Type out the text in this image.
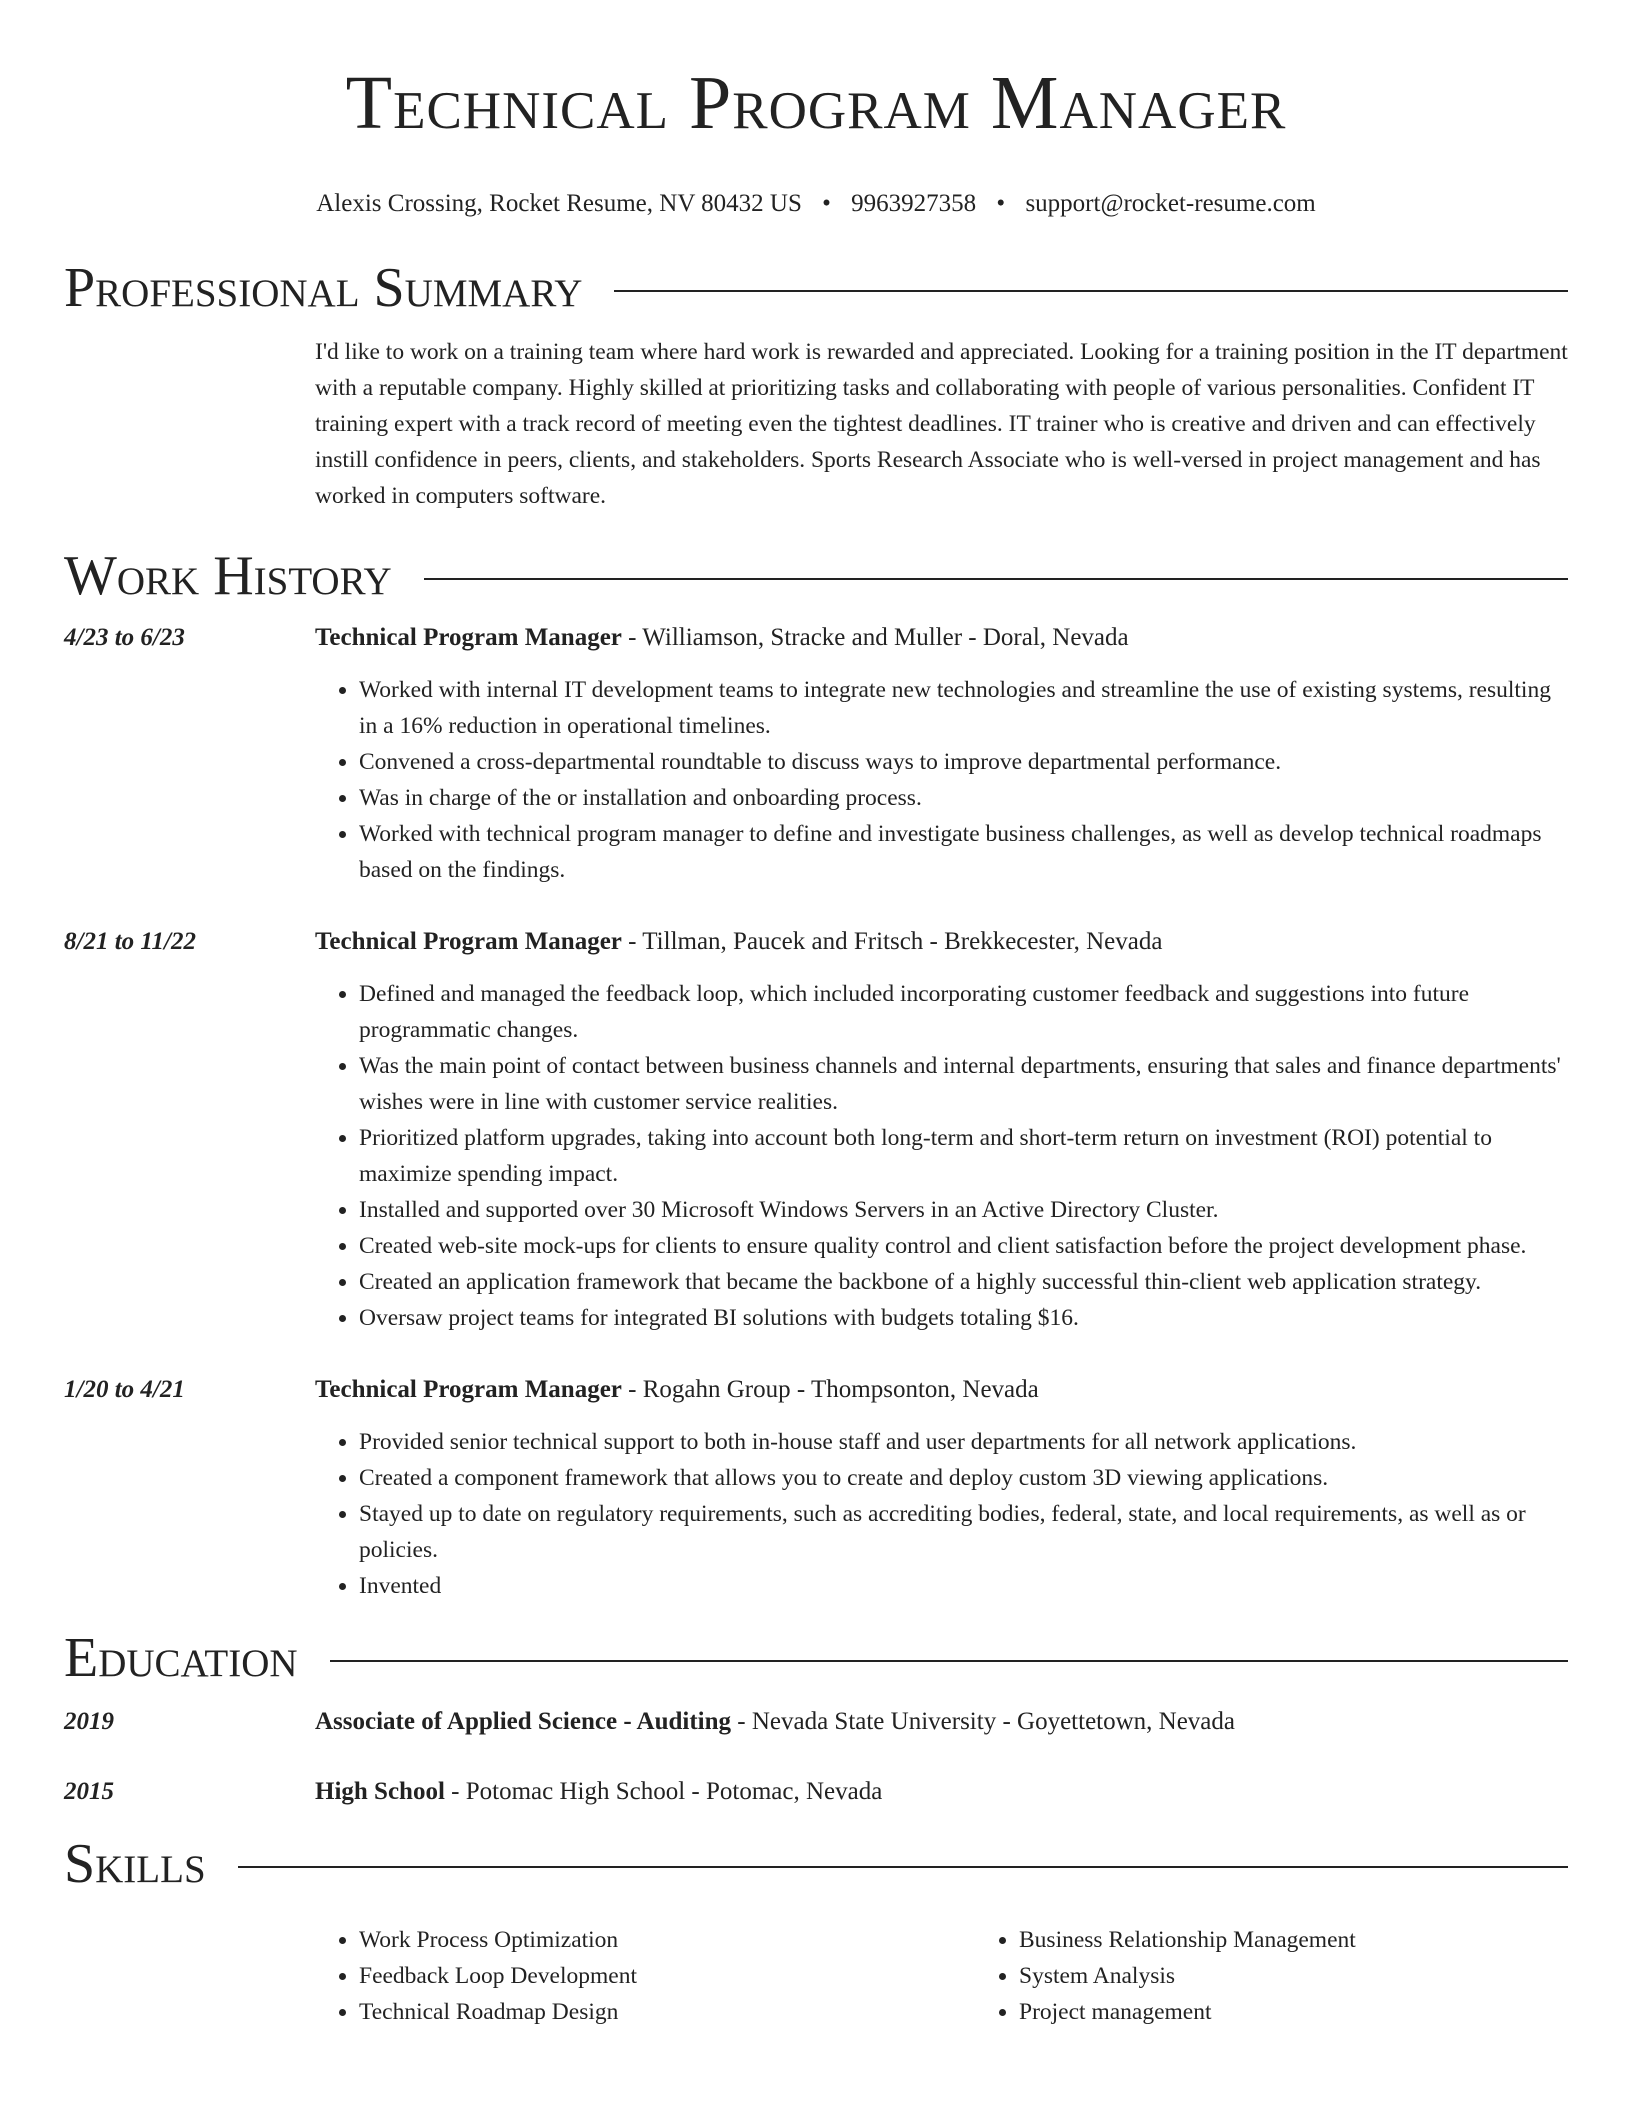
Technical Program Manager
Alexis Crossing, Rocket Resume, NV 80432 US • 9963927358 • support@rocket-resume.com
Professional Summary
I'd like to work on a training team where hard work is rewarded and appreciated. Looking for a training position in the IT department with a reputable company. Highly skilled at prioritizing tasks and collaborating with people of various personalities. Confident IT training expert with a track record of meeting even the tightest deadlines. IT trainer who is creative and driven and can effectively instill confidence in peers, clients, and stakeholders. Sports Research Associate who is well-versed in project management and has worked in computers software.
Work History
4/23 to 6/23	Technical Program Manager - Williamson, Stracke and Muller - Doral, Nevada
• Worked with internal IT development teams to integrate new technologies and streamline the use of existing systems, resulting in a 16% reduction in operational timelines.
• Convened a cross-departmental roundtable to discuss ways to improve departmental performance.
• Was in charge of the or installation and onboarding process.
• Worked with technical program manager to define and investigate business challenges, as well as develop technical roadmaps based on the findings.
8/21 to 11/22	Technical Program Manager - Tillman, Paucek and Fritsch - Brekkecester, Nevada
• Defined and managed the feedback loop, which included incorporating customer feedback and suggestions into future programmatic changes.
• Was the main point of contact between business channels and internal departments, ensuring that sales and finance departments' wishes were in line with customer service realities.
• Prioritized platform upgrades, taking into account both long-term and short-term return on investment (ROI) potential to maximize spending impact.
• Installed and supported over 30 Microsoft Windows Servers in an Active Directory Cluster.
• Created web-site mock-ups for clients to ensure quality control and client satisfaction before the project development phase.
• Created an application framework that became the backbone of a highly successful thin-client web application strategy.
• Oversaw project teams for integrated BI solutions with budgets totaling $16.
1/20 to 4/21	Technical Program Manager - Rogahn Group - Thompsonton, Nevada
• Provided senior technical support to both in-house staff and user departments for all network applications.
• Created a component framework that allows you to create and deploy custom 3D viewing applications.
• Stayed up to date on regulatory requirements, such as accrediting bodies, federal, state, and local requirements, as well as or policies.
• Invented
Education
2019	Associate of Applied Science - Auditing - Nevada State University - Goyettetown, Nevada
2015	High School - Potomac High School - Potomac, Nevada
Skills
• Work Process Optimization
• Feedback Loop Development
• Technical Roadmap Design
• Business Relationship Management
• System Analysis
• Project management
